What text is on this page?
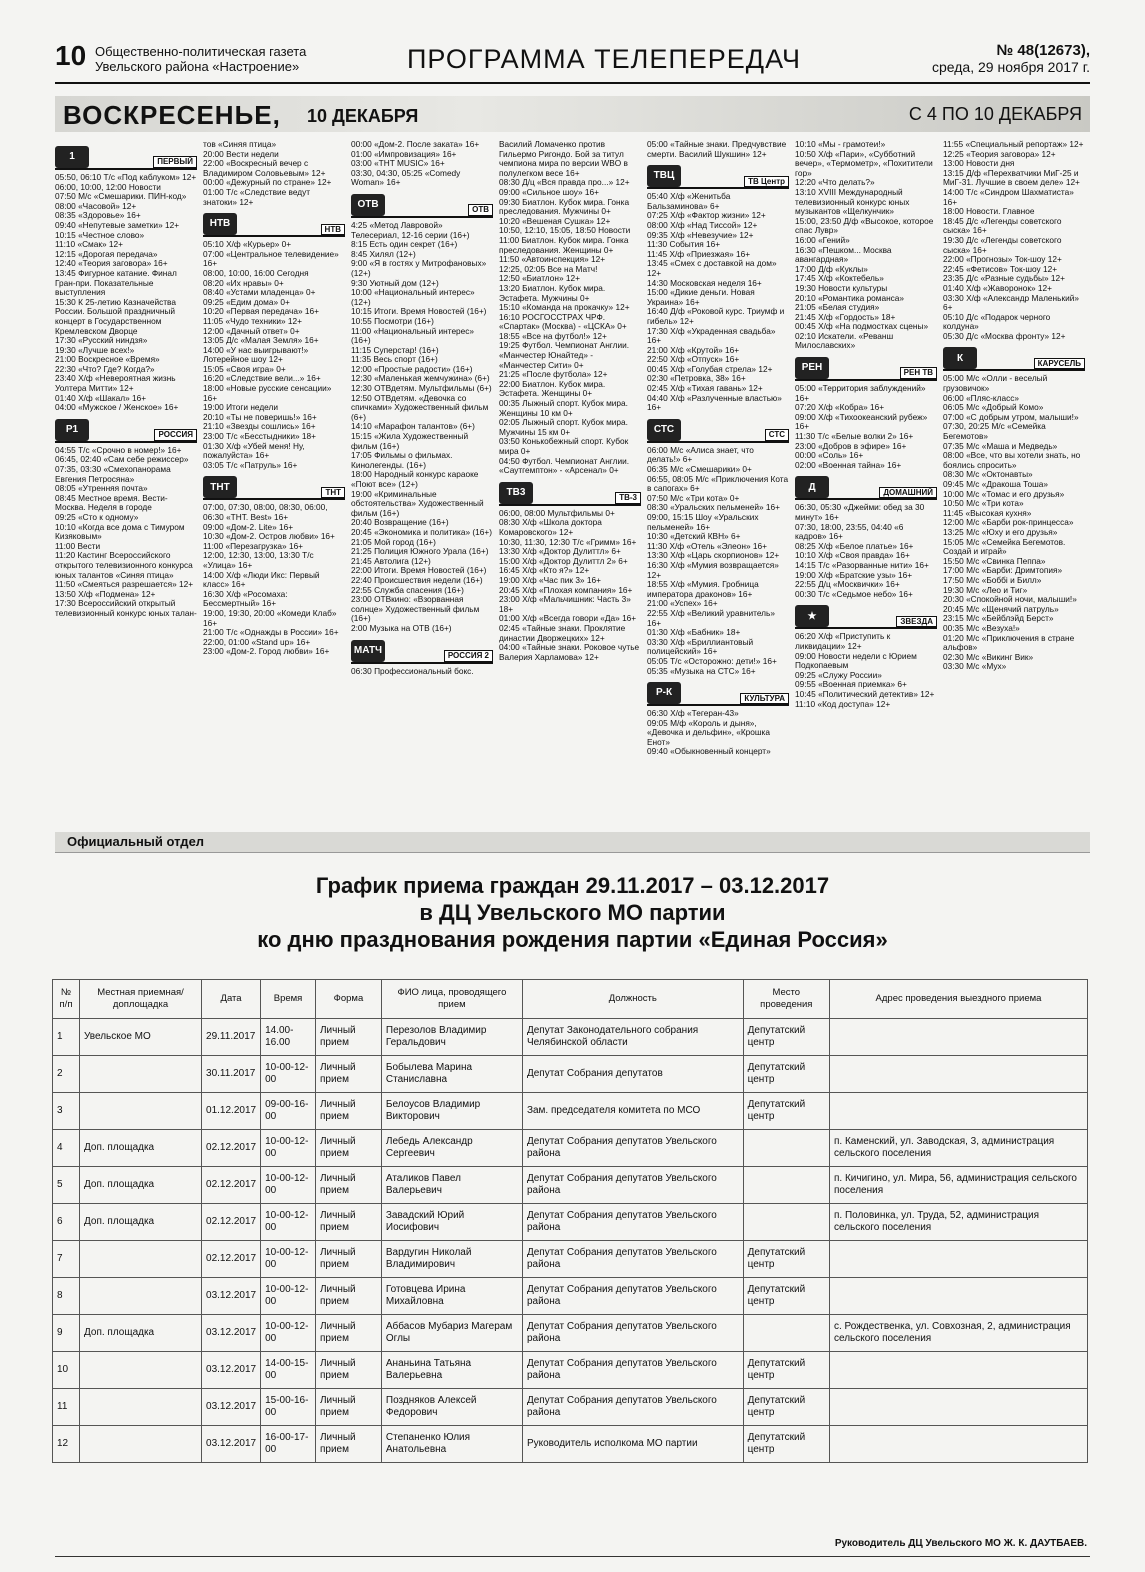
10 Общественно-политическая газета
Увельского района «Настроение»	ПРОГРАММА ТЕЛЕПЕРЕДАЧ	№ 48(12673),
среда, 29 ноября 2017 г.
ВОСКРЕСЕНЬЕ, 10 ДЕКАБРЯ	С 4 ПО 10 ДЕКАБРЯ
1	ПЕРВЫЙ

05:50, 06:10 Т/с «Под каблуком» 12+

06:00, 10:00, 12:00 Новости

07:50 М/с «Смешарики. ПИН-код»

08:00 «Часовой» 12+

08:35 «Здоровье» 16+

09:40 «Непутевые заметки» 12+

10:15 «Честное слово»

11:10 «Смак» 12+

12:15 «Дорогая передача»

12:40 «Теория заговора» 16+

13:45 Фигурное катание. Финал Гран-при. Показательные выступления

15:30 К 25-летию Казначейства России. Большой праздничный концерт в Государственном Кремлевском Дворце

17:30 «Русский ниндзя»

19:30 «Лучше всех!»

21:00 Воскресное «Время»

22:30 «Что? Где? Когда?»

23:40 Х/ф «Невероятная жизнь Уолтера Митти» 12+

01:40 Х/ф «Шакал» 16+

04:00 «Мужское / Женское» 16+

Р1	РОССИЯ

04:55 Т/с «Срочно в номер!» 16+

06:45, 02:40 «Сам себе режиссер»

07:35, 03:30 «Смехопанорама Евгения Петросяна»

08:05 «Утренняя почта»

08:45 Местное время. Вести-Москва. Неделя в городе

09:25 «Сто к одному»

10:10 «Когда все дома с Тимуром Кизяковым»

11:00 Вести

11:20 Кастинг Всероссийского открытого телевизионного конкурса юных талантов «Синяя птица»

11:50 «Смеяться разрешается» 12+

13:50 Х/ф «Подмена» 12+

17:30 Всероссийский открытый телевизионный конкурс юных талан-

тов «Синяя птица»

20:00 Вести недели

22:00 «Воскресный вечер с Владимиром Соловьевым» 12+

00:00 «Дежурный по стране» 12+

01:00 Т/с «Следствие ведут знатоки» 12+

НТВ	НТВ

05:10 Х/ф «Курьер» 0+

07:00 «Центральное телевидение» 16+

08:00, 10:00, 16:00 Сегодня

08:20 «Их нравы» 0+

08:40 «Устами младенца» 0+

09:25 «Едим дома» 0+

10:20 «Первая передача» 16+

11:05 «Чудо техники» 12+

12:00 «Дачный ответ» 0+

13:05 Д/с «Малая Земля» 16+

14:00 «У нас выигрывают!» Лотерейное шоу 12+

15:05 «Своя игра» 0+

16:20 «Следствие вели...» 16+

18:00 «Новые русские сенсации» 16+

19:00 Итоги недели

20:10 «Ты не поверишь!» 16+

21:10 «Звезды сошлись» 16+

23:00 Т/с «Бесстыдники» 18+

01:30 Х/ф «Убей меня! Ну, пожалуйста» 16+

03:05 Т/с «Патруль» 16+

ТНТ	ТНТ

07:00, 07:30, 08:00, 08:30, 06:00, 06:30 «ТНТ. Best» 16+

09:00 «Дом-2. Lite» 16+

10:30 «Дом-2. Остров любви» 16+

11:00 «Перезагрузка» 16+

12:00, 12:30, 13:00, 13:30 Т/с «Улица» 16+

14:00 Х/ф «Люди Икс: Первый класс» 16+

16:30 Х/ф «Росомаха: Бессмертный» 16+

19:00, 19:30, 20:00 «Комеди Клаб» 16+

21:00 Т/с «Однажды в России» 16+

22:00, 01:00 «Stand up» 16+

23:00 «Дом-2. Город любви» 16+

00:00 «Дом-2. После заката» 16+

01:00 «Импровизация» 16+

03:00 «THT MUSIC» 16+

03:30, 04:30, 05:25 «Comedy Woman» 16+

ОТВ	ОТВ

4:25 «Метод Лавровой» Телесериал, 12-16 серии (16+)

8:15 Есть один секрет (16+)

8:45 Хилял (12+)

9:00 «Я в гостях у Митрофановых» (12+)

9:30 Уютный дом (12+)

10:00 «Национальный интерес» (12+)

10:15 Итоги. Время Новостей (16+)

10:55 Посмотри (16+)

11:00 «Национальный интерес» (16+)

11:15 Суперстар! (16+)

11:35 Весь спорт (16+)

12:00 «Простые радости» (16+)

12:30 «Маленькая жемчужина» (6+)

12:30 ОТВдетям. Мультфильмы (6+)

12:50 ОТВдетям. «Девочка со спичками» Художественный фильм (6+)

14:10 «Марафон талантов» (6+)

15:15 «Жила Художественный фильм (16+)

17:05 Фильмы о фильмах. Кинолегенды. (16+)

18:00 Народный конкурс караоке «Поют все» (12+)

19:00 «Криминальные обстоятельства» Художественный фильм (16+)

20:40 Возвращение (16+)

20:45 «Экономика и политика» (16+)

21:05 Мой город (16+)

21:25 Полиция Южного Урала (16+)

21:45 Автолига (12+)

22:00 Итоги. Время Новостей (16+)

22:40 Происшествия недели (16+)

22:55 Служба спасения (16+)

23:00 ОТВкино: «Взорванная солнце» Художественный фильм (16+)

2:00 Музыка на ОТВ (16+)

МАТЧ	РОССИЯ 2

06:30 Профессиональный бокс.

Василий Ломаченко против Гильермо Ригондо. Бой за титул чемпиона мира по версии WBO в полулегком весе 16+

08:30 Д/ц «Вся правда про...» 12+

09:00 «Сильное шоу» 16+

09:30 Биатлон. Кубок мира. Гонка преследования. Мужчины 0+

10:20 «Вешеная Сушка» 12+

10:50, 12:10, 15:05, 18:50 Новости

11:00 Биатлон. Кубок мира. Гонка преследования. Женщины 0+

11:50 «Автоинспекция» 12+

12:25, 02:05 Все на Матч!

12:50 «Биатлон» 12+

13:20 Биатлон. Кубок мира. Эстафета. Мужчины 0+

15:10 «Команда на прокачку» 12+

16:10 РОСГОССТРАХ ЧРФ. «Спартак» (Москва) - «ЦСКА» 0+

18:55 «Все на футбол!» 12+

19:25 Футбол. Чемпионат Англии. «Манчестер Юнайтед» - «Манчестер Сити» 0+

21:25 «После футбола» 12+

22:00 Биатлон. Кубок мира. Эстафета. Женщины 0+

00:35 Лыжный спорт. Кубок мира. Женщины 10 км 0+

02:05 Лыжный спорт. Кубок мира. Мужчины 15 км 0+

03:50 Конькобежный спорт. Кубок мира 0+

04:50 Футбол. Чемпионат Англии. «Саутгемптон» - «Арсенал» 0+

ТВ3	ТВ-3

06:00, 08:00 Мультфильмы 0+

08:30 Х/ф «Школа доктора Комаровского» 12+

10:30, 11:30, 12:30 Т/с «Гримм» 16+

13:30 Х/ф «Доктор Дулиттл» 6+

15:00 Х/ф «Доктор Дулиттл 2» 6+

16:45 Х/ф «Кто я?» 12+

19:00 Х/ф «Час пик 3» 16+

20:45 Х/ф «Плохая компания» 16+

23:00 Х/ф «Мальчишник: Часть 3» 18+

01:00 Х/ф «Всегда говори «Да» 16+

02:45 «Тайные знаки. Проклятие династии Дворжецких» 12+

04:00 «Тайные знаки. Роковое чутье Валерия Харламова» 12+

05:00 «Тайные знаки. Предчувствие смерти. Василий Шукшин» 12+

ТВЦ	ТВ Центр

05:40 Х/ф «Женитьба Бальзаминова» 6+

07:25 Х/ф «Фактор жизни» 12+

08:00 Х/ф «Над Тиссой» 12+

09:35 Х/ф «Невезучие» 12+

11:30 События 16+

11:45 Х/ф «Приезжая» 16+

13:45 «Смех с доставкой на дом» 12+

14:30 Московская неделя 16+

15:00 «Дикие деньги. Новая Украина» 16+

16:40 Д/ф «Роковой курс. Триумф и гибель» 12+

17:30 Х/ф «Украденная свадьба» 16+

21:00 Х/ф «Крутой» 16+

22:50 Х/ф «Отпуск» 16+

00:45 Х/ф «Голубая стрела» 12+

02:30 «Петровка, 38» 16+

02:45 Х/ф «Тихая гавань» 12+

04:40 Х/ф «Разлученные властью» 16+

СТС	СТС

06:00 М/с «Алиса знает, что делать!» 6+

06:35 М/с «Смешарики» 0+

06:55, 08:05 М/с «Приключения Кота в сапогах» 6+

07:50 М/с «Три кота» 0+

08:30 «Уральских пельменей» 16+

09:00, 15:15 Шоу «Уральских пельменей» 16+

10:30 «Детский КВН» 6+

11:30 Х/ф «Отель «Элеон» 16+

13:30 Х/ф «Царь скорпионов» 12+

16:30 Х/ф «Мумия возвращается» 12+

18:55 Х/ф «Мумия. Гробница императора драконов» 16+

21:00 «Успех» 16+

22:55 Х/ф «Великий уравнитель» 16+

01:30 Х/ф «Бабник» 18+

03:30 Х/ф «Бриллиантовый полицейский» 16+

05:05 Т/с «Осторожно: дети!» 16+

05:35 «Музыка на СТС» 16+

Р-К	КУЛЬТУРА

06:30 Х/ф «Тегеран-43»

09:05 М/ф «Король и дыня», «Девочка и дельфин», «Крошка Енот»

09:40 «Обыкновенный концерт»

10:10 «Мы - грамотеи!»

10:50 Х/ф «Пари», «Субботний вечер», «Термометр», «Похитители гор»

12:20 «Что делать?»

13:10 XVIII Международный телевизионный конкурс юных музыкантов «Щелкунчик»

15:00, 23:50 Д/ф «Высокое, которое спас Лувр»

16:00 «Гений»

16:30 «Пешком... Москва авангардная»

17:00 Д/ф «Куклы»

17:45 Х/ф «Коктебель»

19:30 Новости культуры

20:10 «Романтика романса»

21:05 «Белая студия»

21:45 Х/ф «Гордость» 18+

00:45 Х/ф «На подмостках сцены»

02:10 Искатели. «Реванш Милославских»

РЕН	РЕН ТВ

05:00 «Территория заблуждений» 16+

07:20 Х/ф «Кобра» 16+

09:00 Х/ф «Тихоокеанский рубеж» 16+

11:30 Т/с «Белые волки 2» 16+

23:00 «Добров в эфире» 16+

00:00 «Соль» 16+

02:00 «Военная тайна» 16+

Д	ДОМАШНИЙ

06:30, 05:30 «Джейми: обед за 30 минут» 16+

07:30, 18:00, 23:55, 04:40 «6 кадров» 16+

08:25 Х/ф «Белое платье» 16+

10:10 Х/ф «Своя правда» 16+

14:15 Т/с «Разорванные нити» 16+

19:00 Х/ф «Братские узы» 16+

22:55 Д/ц «Москвички» 16+

00:30 Т/с «Седьмое небо» 16+

★	ЗВЕЗДА

06:20 Х/ф «Приступить к ликвидации» 12+

09:00 Новости недели с Юрием Подкопаевым

09:25 «Служу России»

09:55 «Военная приемка» 6+

10:45 «Политический детектив» 12+

11:10 «Код доступа» 12+

11:55 «Специальный репортаж» 12+

12:25 «Теория заговора» 12+

13:00 Новости дня

13:15 Д/ф «Перехватчики МиГ-25 и МиГ-31. Лучшие в своем деле» 12+

14:00 Т/с «Синдром Шахматиста» 16+

18:00 Новости. Главное

18:45 Д/с «Легенды советского сыска» 16+

19:30 Д/с «Легенды советского сыска» 16+

22:00 «Прогнозы» Ток-шоу 12+

22:45 «Фетисов» Ток-шоу 12+

23:35 Д/с «Разные судьбы» 12+

01:40 Х/ф «Жаворонок» 12+

03:30 Х/ф «Александр Маленький» 6+

05:10 Д/с «Подарок черного колдуна»

05:30 Д/с «Москва фронту» 12+

К	КАРУСЕЛЬ

05:00 М/с «Олли - веселый грузовичок»

06:00 «Пляс-класс»

06:05 М/с «Добрый Комо»

07:00 «С добрым утром, малыши!»

07:30, 20:25 М/с «Семейка Бегемотов»

07:35 М/с «Маша и Медведь»

08:00 «Все, что вы хотели знать, но боялись спросить»

08:30 М/с «Октонавты»

09:45 М/с «Дракоша Тоша»

10:00 М/с «Томас и его друзья»

10:50 М/с «Три кота»

11:45 «Высокая кухня»

12:00 М/с «Барби рок-принцесса»

13:25 М/с «Юху и его друзья»

15:05 М/с «Семейка Бегемотов. Создай и играй»

15:50 М/с «Свинка Пеппа»

17:00 М/с «Барби: Дримтопия»

17:50 М/с «Боббі и Билл»

19:30 М/с «Лео и Тиг»

20:30 «Спокойной ночи, малыши!»

20:45 М/с «Щенячий патруль»

23:15 М/с «Бейблэйд Берст»

00:35 М/с «Везуха!»

01:20 М/с «Приключения в стране альфов»

02:30 М/с «Викинг Вик»

03:30 М/с «Мух»

Официальный отдел
График приема граждан 29.11.2017 – 03.12.2017
в ДЦ Увельского МО партии
ко дню празднования рождения партии «Единая Россия»
№ п/п	Местная приемная/доплощадка	Дата	Время	Форма	ФИО лица, проводящего прием	Должность	Место проведения	Адрес проведения выездного приема
1	Увельское МО	29.11.2017	14.00-16.00	Личный прием	Перезолов Владимир Геральдович	Депутат Законодательного собрания Челябинской области	Депутатский центр	
2		30.11.2017	10-00-12-00	Личный прием	Бобылева Марина Станиславна	Депутат Собрания депутатов	Депутатский центр	
3		01.12.2017	09-00-16-00	Личный прием	Белоусов Владимир Викторович	Зам. председателя комитета по МСО	Депутатский центр	
4	Доп. площадка	02.12.2017	10-00-12-00	Личный прием	Лебедь Александр Сергеевич	Депутат Собрания депутатов Увельского района		п. Каменский, ул. Заводская, 3, администрация сельского поселения
5	Доп. площадка	02.12.2017	10-00-12-00	Личный прием	Аталиков Павел Валерьевич	Депутат Собрания депутатов Увельского района		п. Кичигино, ул. Мира, 56, администрация сельского поселения
6	Доп. площадка	02.12.2017	10-00-12-00	Личный прием	Завадский Юрий Иосифович	Депутат Собрания депутатов Увельского района		п. Половинка, ул. Труда, 52, администрация сельского поселения
7		02.12.2017	10-00-12-00	Личный прием	Вардугин Николай Владимирович	Депутат Собрания депутатов Увельского района	Депутатский центр	
8		03.12.2017	10-00-12-00	Личный прием	Готовцева Ирина Михайловна	Депутат Собрания депутатов Увельского района	Депутатский центр	
9	Доп. площадка	03.12.2017	10-00-12-00	Личный прием	Аббасов Мубариз Магерам Оглы	Депутат Собрания депутатов Увельского района		с. Рождественка, ул. Совхозная, 2, администрация сельского поселения
10		03.12.2017	14-00-15-00	Личный прием	Ананьина Татьяна Валерьевна	Депутат Собрания депутатов Увельского района	Депутатский центр	
11		03.12.2017	15-00-16-00	Личный прием	Поздняков Алексей Федорович	Депутат Собрания депутатов Увельского района	Депутатский центр	
12		03.12.2017	16-00-17-00	Личный прием	Степаненко Юлия Анатольевна	Руководитель исполкома МО партии	Депутатский центр	
Руководитель ДЦ Увельского МО Ж. К. ДАУТБАЕВ.
